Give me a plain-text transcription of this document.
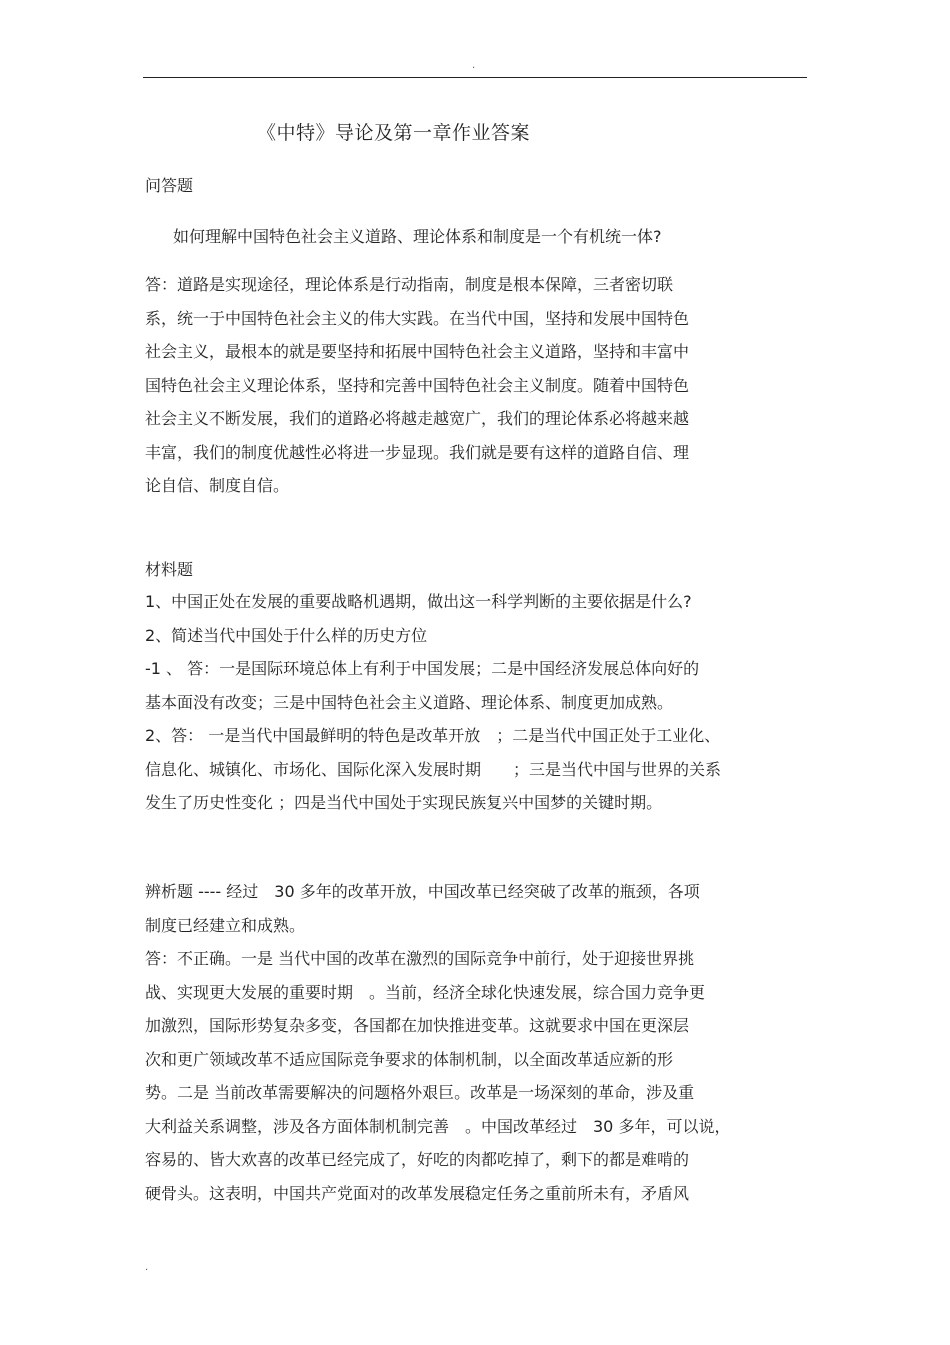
.
《中特》导论及第一章作业答案
问答题
如何理解中国特色社会主义道路、理论体系和制度是一个有机统一体?
答：道路是实现途径，理论体系是行动指南，制度是根本保障，三者密切联
系，统一于中国特色社会主义的伟大实践。在当代中国，坚持和发展中国特色
社会主义，最根本的就是要坚持和拓展中国特色社会主义道路，坚持和丰富中
国特色社会主义理论体系，坚持和完善中国特色社会主义制度。随着中国特色
社会主义不断发展，我们的道路必将越走越宽广，我们的理论体系必将越来越
丰富，我们的制度优越性必将进一步显现。我们就是要有这样的道路自信、理
论自信、制度自信。
材料题
1、中国正处在发展的重要战略机遇期，做出这一科学判断的主要依据是什么?
2、简述当代中国处于什么样的历史方位
-1 、 答：一是国际环境总体上有利于中国发展；二是中国经济发展总体向好的
基本面没有改变；三是中国特色社会主义道路、理论体系、制度更加成熟。
2、答： 一是当代中国最鲜明的特色是改革开放　；二是当代中国正处于工业化、
信息化、城镇化、市场化、国际化深入发展时期　　；三是当代中国与世界的关系
发生了历史性变化 ；四是当代中国处于实现民族复兴中国梦的关键时期。
辨析题 ---- 经过　30 多年的改革开放，中国改革已经突破了改革的瓶颈，各项
制度已经建立和成熟。
答：不正确。一是 当代中国的改革在激烈的国际竞争中前行，处于迎接世界挑
战、实现更大发展的重要时期　。当前，经济全球化快速发展，综合国力竞争更
加激烈，国际形势复杂多变，各国都在加快推进变革。这就要求中国在更深层
次和更广领域改革不适应国际竞争要求的体制机制，以全面改革适应新的形
势。二是 当前改革需要解决的问题格外艰巨。改革是一场深刻的革命，涉及重
大利益关系调整，涉及各方面体制机制完善　。中国改革经过　30 多年，可以说，
容易的、皆大欢喜的改革已经完成了，好吃的肉都吃掉了，剩下的都是难啃的
硬骨头。这表明，中国共产党面对的改革发展稳定任务之重前所未有，矛盾风
.
